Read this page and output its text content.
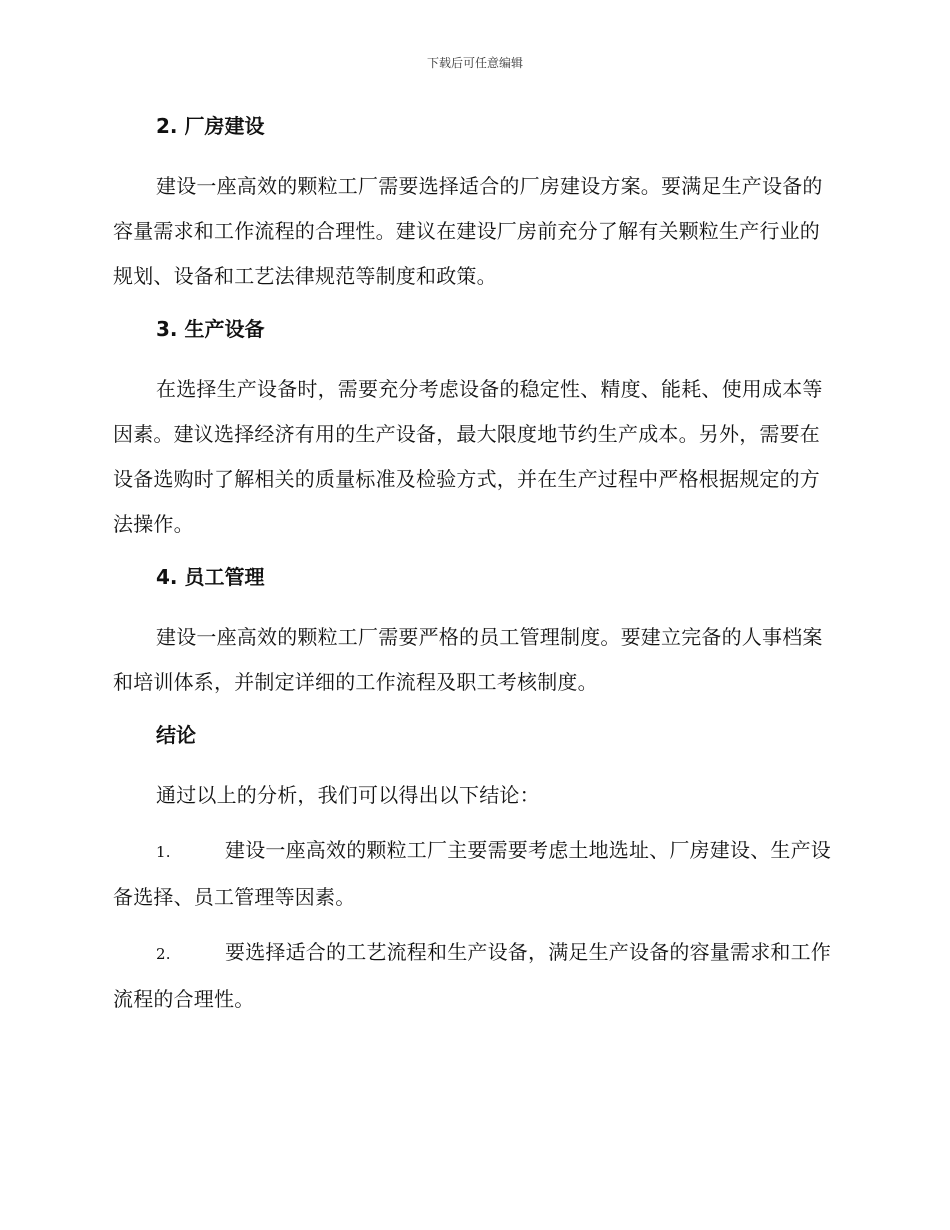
下载后可任意编辑
2. 厂房建设

建设一座高效的颗粒工厂需要选择适合的厂房建设方案。要满足生产设备的容量需求和工作流程的合理性。建议在建设厂房前充分了解有关颗粒生产行业的规划、设备和工艺法律规范等制度和政策。

3. 生产设备

在选择生产设备时，需要充分考虑设备的稳定性、精度、能耗、使用成本等因素。建议选择经济有用的生产设备，最大限度地节约生产成本。另外，需要在设备选购时了解相关的质量标准及检验方式，并在生产过程中严格根据规定的方法操作。

4. 员工管理

建设一座高效的颗粒工厂需要严格的员工管理制度。要建立完备的人事档案和培训体系，并制定详细的工作流程及职工考核制度。

结论

通过以上的分析，我们可以得出以下结论：

1.	建设一座高效的颗粒工厂主要需要考虑土地选址、厂房建设、生产设备选择、员工管理等因素。

2.	要选择适合的工艺流程和生产设备，满足生产设备的容量需求和工作流程的合理性。
